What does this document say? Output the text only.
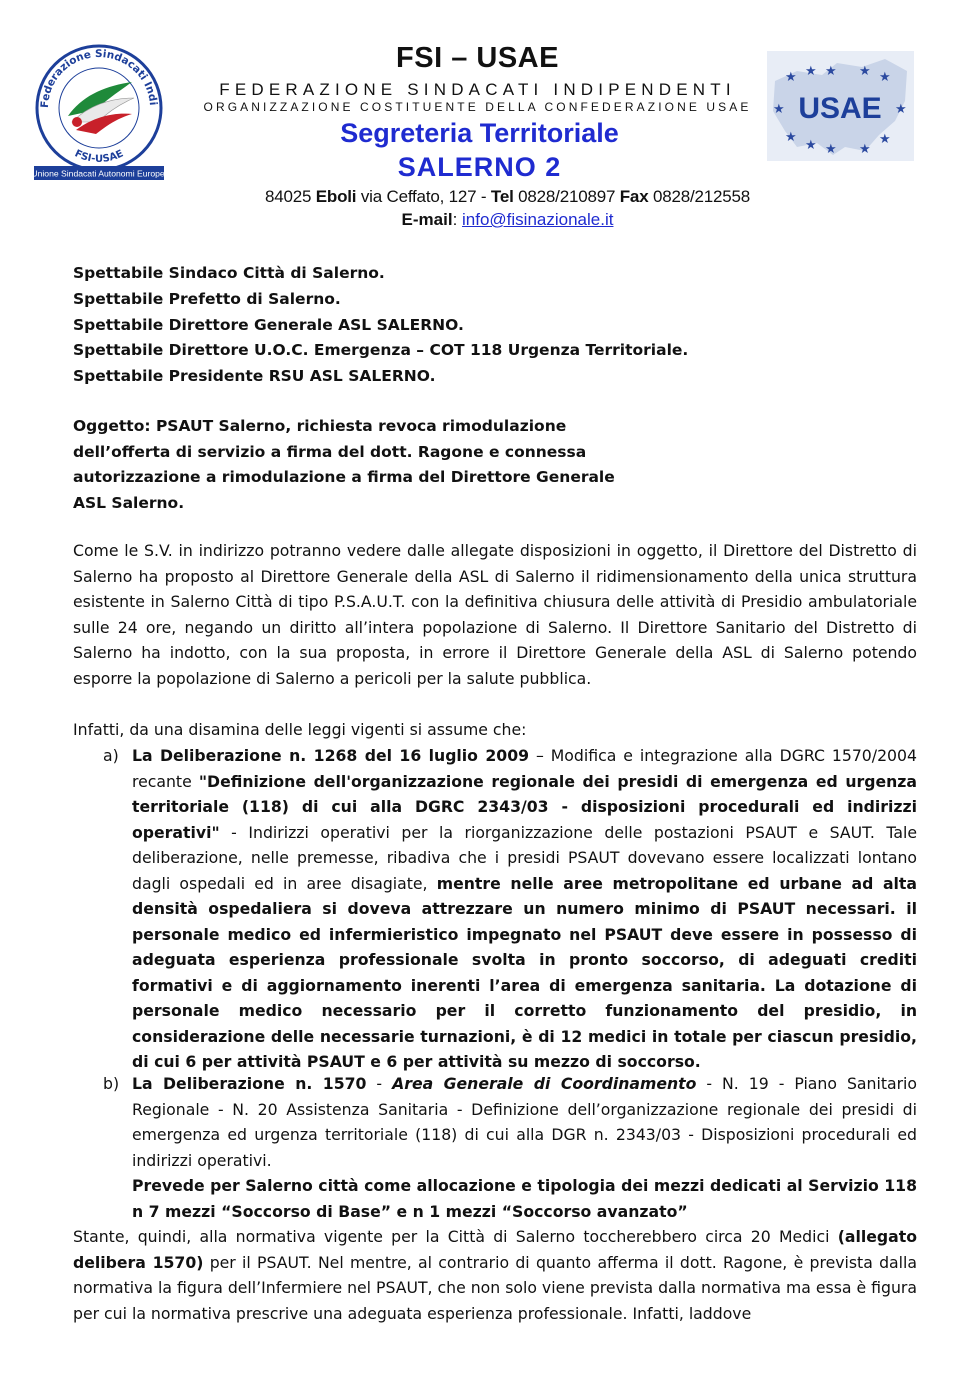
Federazione Sindacati Indi
FSI-USAE
Unione Sindacati Autonomi Europei
★ ★ ★ ★ ★
★	★
★
★ ★ ★
★
USAE
FSI – USAE
FEDERAZIONE SINDACATI INDIPENDENTI
ORGANIZZAZIONE COSTITUENTE DELLA CONFEDERAZIONE USAE
Segreteria Territoriale
SALERNO 2
84025 Eboli via Ceffato, 127 - Tel 0828/210897 Fax 0828/212558
E-mail: info@fisinazionale.it
Spettabile Sindaco Città di Salerno.
Spettabile Prefetto di Salerno.
Spettabile Direttore Generale ASL SALERNO.
Spettabile Direttore U.O.C. Emergenza – COT 118 Urgenza Territoriale.
Spettabile Presidente RSU ASL SALERNO.
Oggetto: PSAUT Salerno, richiesta revoca rimodulazione
dell’offerta di servizio a firma del dott. Ragone e connessa
autorizzazione a rimodulazione a firma del Direttore Generale
ASL Salerno.
Come le S.V. in indirizzo potranno vedere dalle allegate disposizioni in oggetto, il Direttore del Distretto di Salerno ha proposto al Direttore Generale della ASL di Salerno il ridimensionamento della unica struttura esistente in Salerno Città di tipo P.S.A.U.T. con la definitiva chiusura delle attività di Presidio ambulatoriale sulle 24 ore, negando un diritto all’intera popolazione di Salerno. Il Direttore Sanitario del Distretto di Salerno ha indotto, con la sua proposta, in errore il Direttore Generale della ASL di Salerno potendo esporre la popolazione di Salerno a pericoli per la salute pubblica.
Infatti, da una disamina delle leggi vigenti si assume che:
a) La Deliberazione n. 1268 del 16 luglio 2009 – Modifica e integrazione alla DGRC 1570/2004 recante "Definizione dell'organizzazione regionale dei presidi di emergenza ed urgenza territoriale (118) di cui alla DGRC 2343/03 - disposizioni procedurali ed indirizzi operativi" - Indirizzi operativi per la riorganizzazione delle postazioni PSAUT e SAUT. Tale deliberazione, nelle premesse, ribadiva che i presidi PSAUT dovevano essere localizzati lontano dagli ospedali ed in aree disagiate, mentre nelle aree metropolitane ed urbane ad alta densità ospedaliera si doveva attrezzare un numero minimo di PSAUT necessari. il personale medico ed infermieristico impegnato nel PSAUT deve essere in possesso di adeguata esperienza professionale svolta in pronto soccorso, di adeguati crediti formativi e di aggiornamento inerenti l’area di emergenza sanitaria. La dotazione di personale medico necessario per il corretto funzionamento del presidio, in considerazione delle necessarie turnazioni, è di 12 medici in totale per ciascun presidio, di cui 6 per attività PSAUT e 6 per attività su mezzo di soccorso.
b) La Deliberazione n. 1570 - Area Generale di Coordinamento - N. 19 - Piano Sanitario Regionale - N. 20 Assistenza Sanitaria - Definizione dell’organizzazione regionale dei presidi di emergenza ed urgenza territoriale (118) di cui alla DGR n. 2343/03 - Disposizioni procedurali ed indirizzi operativi.
Prevede per Salerno città come allocazione e tipologia dei mezzi dedicati al Servizio 118 n 7 mezzi “Soccorso di Base” e n 1 mezzi “Soccorso avanzato”
Stante, quindi, alla normativa vigente per la Città di Salerno toccherebbero circa 20 Medici (allegato delibera 1570) per il PSAUT. Nel mentre, al contrario di quanto afferma il dott. Ragone, è prevista dalla normativa la figura dell’Infermiere nel PSAUT, che non solo viene prevista dalla normativa ma essa è figura per cui la normativa prescrive una adeguata esperienza professionale. Infatti, laddove
